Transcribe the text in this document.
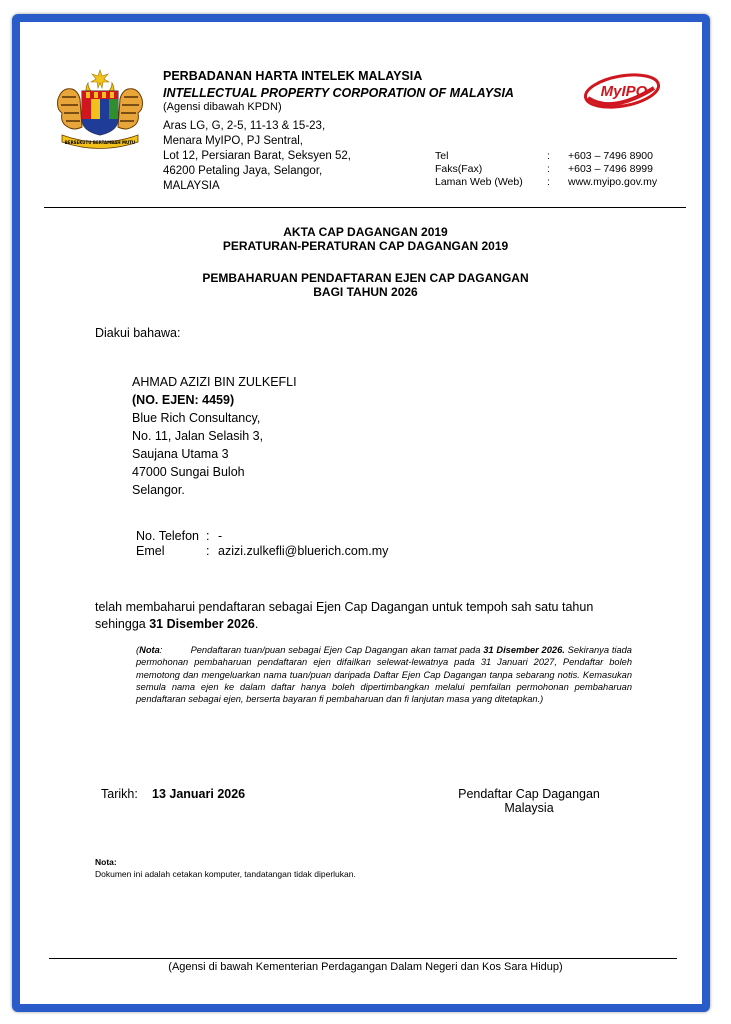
BERSEKUTU BERTAMBAH MUTU
PERBADANAN HARTA INTELEK MALAYSIA
INTELLECTUAL PROPERTY CORPORATION OF MALAYSIA
(Agensi dibawah KPDN)
Aras LG, G, 2-5, 11-13 & 15-23,
Menara MyIPO, PJ Sentral,
Lot 12, Persiaran Barat, Seksyen 52,
46200 Petaling Jaya, Selangor,
MALAYSIA
Tel	:	+603 – 7496 8900
Faks(Fax)	:	+603 – 7496 8999
Laman Web (Web)	:	www.myipo.gov.my
MyIPO
AKTA CAP DAGANGAN 2019
PERATURAN-PERATURAN CAP DAGANGAN 2019
PEMBAHARUAN PENDAFTARAN EJEN CAP DAGANGAN
BAGI TAHUN 2026
Diakui bahawa:
AHMAD AZIZI BIN ZULKEFLI
(NO. EJEN: 4459)
Blue Rich Consultancy,
No. 11, Jalan Selasih 3,
Saujana Utama 3
47000 Sungai Buloh
Selangor.
No. Telefon : -
Emel	: azizi.zulkefli@bluerich.com.my
telah membaharui pendaftaran sebagai Ejen Cap Dagangan untuk tempoh sah satu tahun
sehingga 31 Disember 2026.
(Nota:          Pendaftaran tuan/puan sebagai Ejen Cap Dagangan akan tamat pada 31 Disember 2026. Sekiranya tiada permohonan pembaharuan pendaftaran ejen difailkan selewat-lewatnya pada 31 Januari 2027, Pendaftar boleh memotong dan mengeluarkan nama tuan/puan daripada Daftar Ejen Cap Dagangan tanpa sebarang notis. Kemasukan semula nama ejen ke dalam daftar hanya boleh dipertimbangkan melalui pemfailan permohonan pembaharuan pendaftaran sebagai ejen, berserta bayaran fi pembaharuan dan fi lanjutan masa yang ditetapkan.)
Tarikh: 13 Januari 2026	Pendaftar Cap Dagangan
Malaysia
Nota:
Dokumen ini adalah cetakan komputer, tandatangan tidak diperlukan.
(Agensi di bawah Kementerian Perdagangan Dalam Negeri dan Kos Sara Hidup)
